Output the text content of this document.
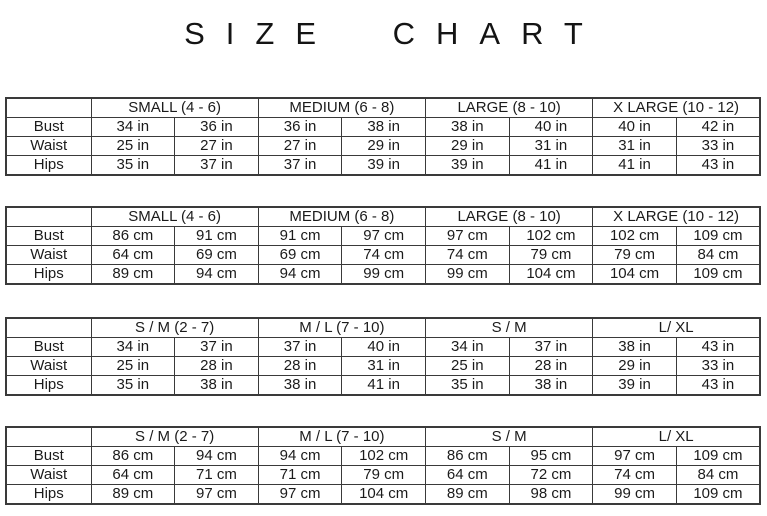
SIZE CHART
	SMALL (4 - 6)		MEDIUM (6 - 8)		LARGE (8 - 10)		X LARGE (10 - 12)	
Bust	34 in	36 in	36 in	38 in	38 in	40 in	40 in	42 in
Waist	25 in	27 in	27 in	29 in	29 in	31 in	31 in	33 in
Hips	35 in	37 in	37 in	39 in	39 in	41 in	41 in	43 in
	SMALL (4 - 6)		MEDIUM (6 - 8)		LARGE (8 - 10)		X LARGE (10 - 12)	
Bust	86 cm	91 cm	91 cm	97 cm	97 cm	102 cm	102 cm	109 cm
Waist	64 cm	69 cm	69 cm	74 cm	74 cm	79 cm	79 cm	84 cm
Hips	89 cm	94 cm	94 cm	99 cm	99 cm	104 cm	104 cm	109 cm
	S / M (2 - 7)		M / L (7 - 10)		S / M		L/ XL	
Bust	34 in	37 in	37 in	40 in	34 in	37 in	38 in	43 in
Waist	25 in	28 in	28 in	31 in	25 in	28 in	29 in	33 in
Hips	35 in	38 in	38 in	41 in	35 in	38 in	39 in	43 in
	S / M (2 - 7)		M / L (7 - 10)		S / M		L/ XL	
Bust	86 cm	94 cm	94 cm	102 cm	86 cm	95 cm	97 cm	109 cm
Waist	64 cm	71 cm	71 cm	79 cm	64 cm	72 cm	74 cm	84 cm
Hips	89 cm	97 cm	97 cm	104 cm	89 cm	98 cm	99 cm	109 cm
